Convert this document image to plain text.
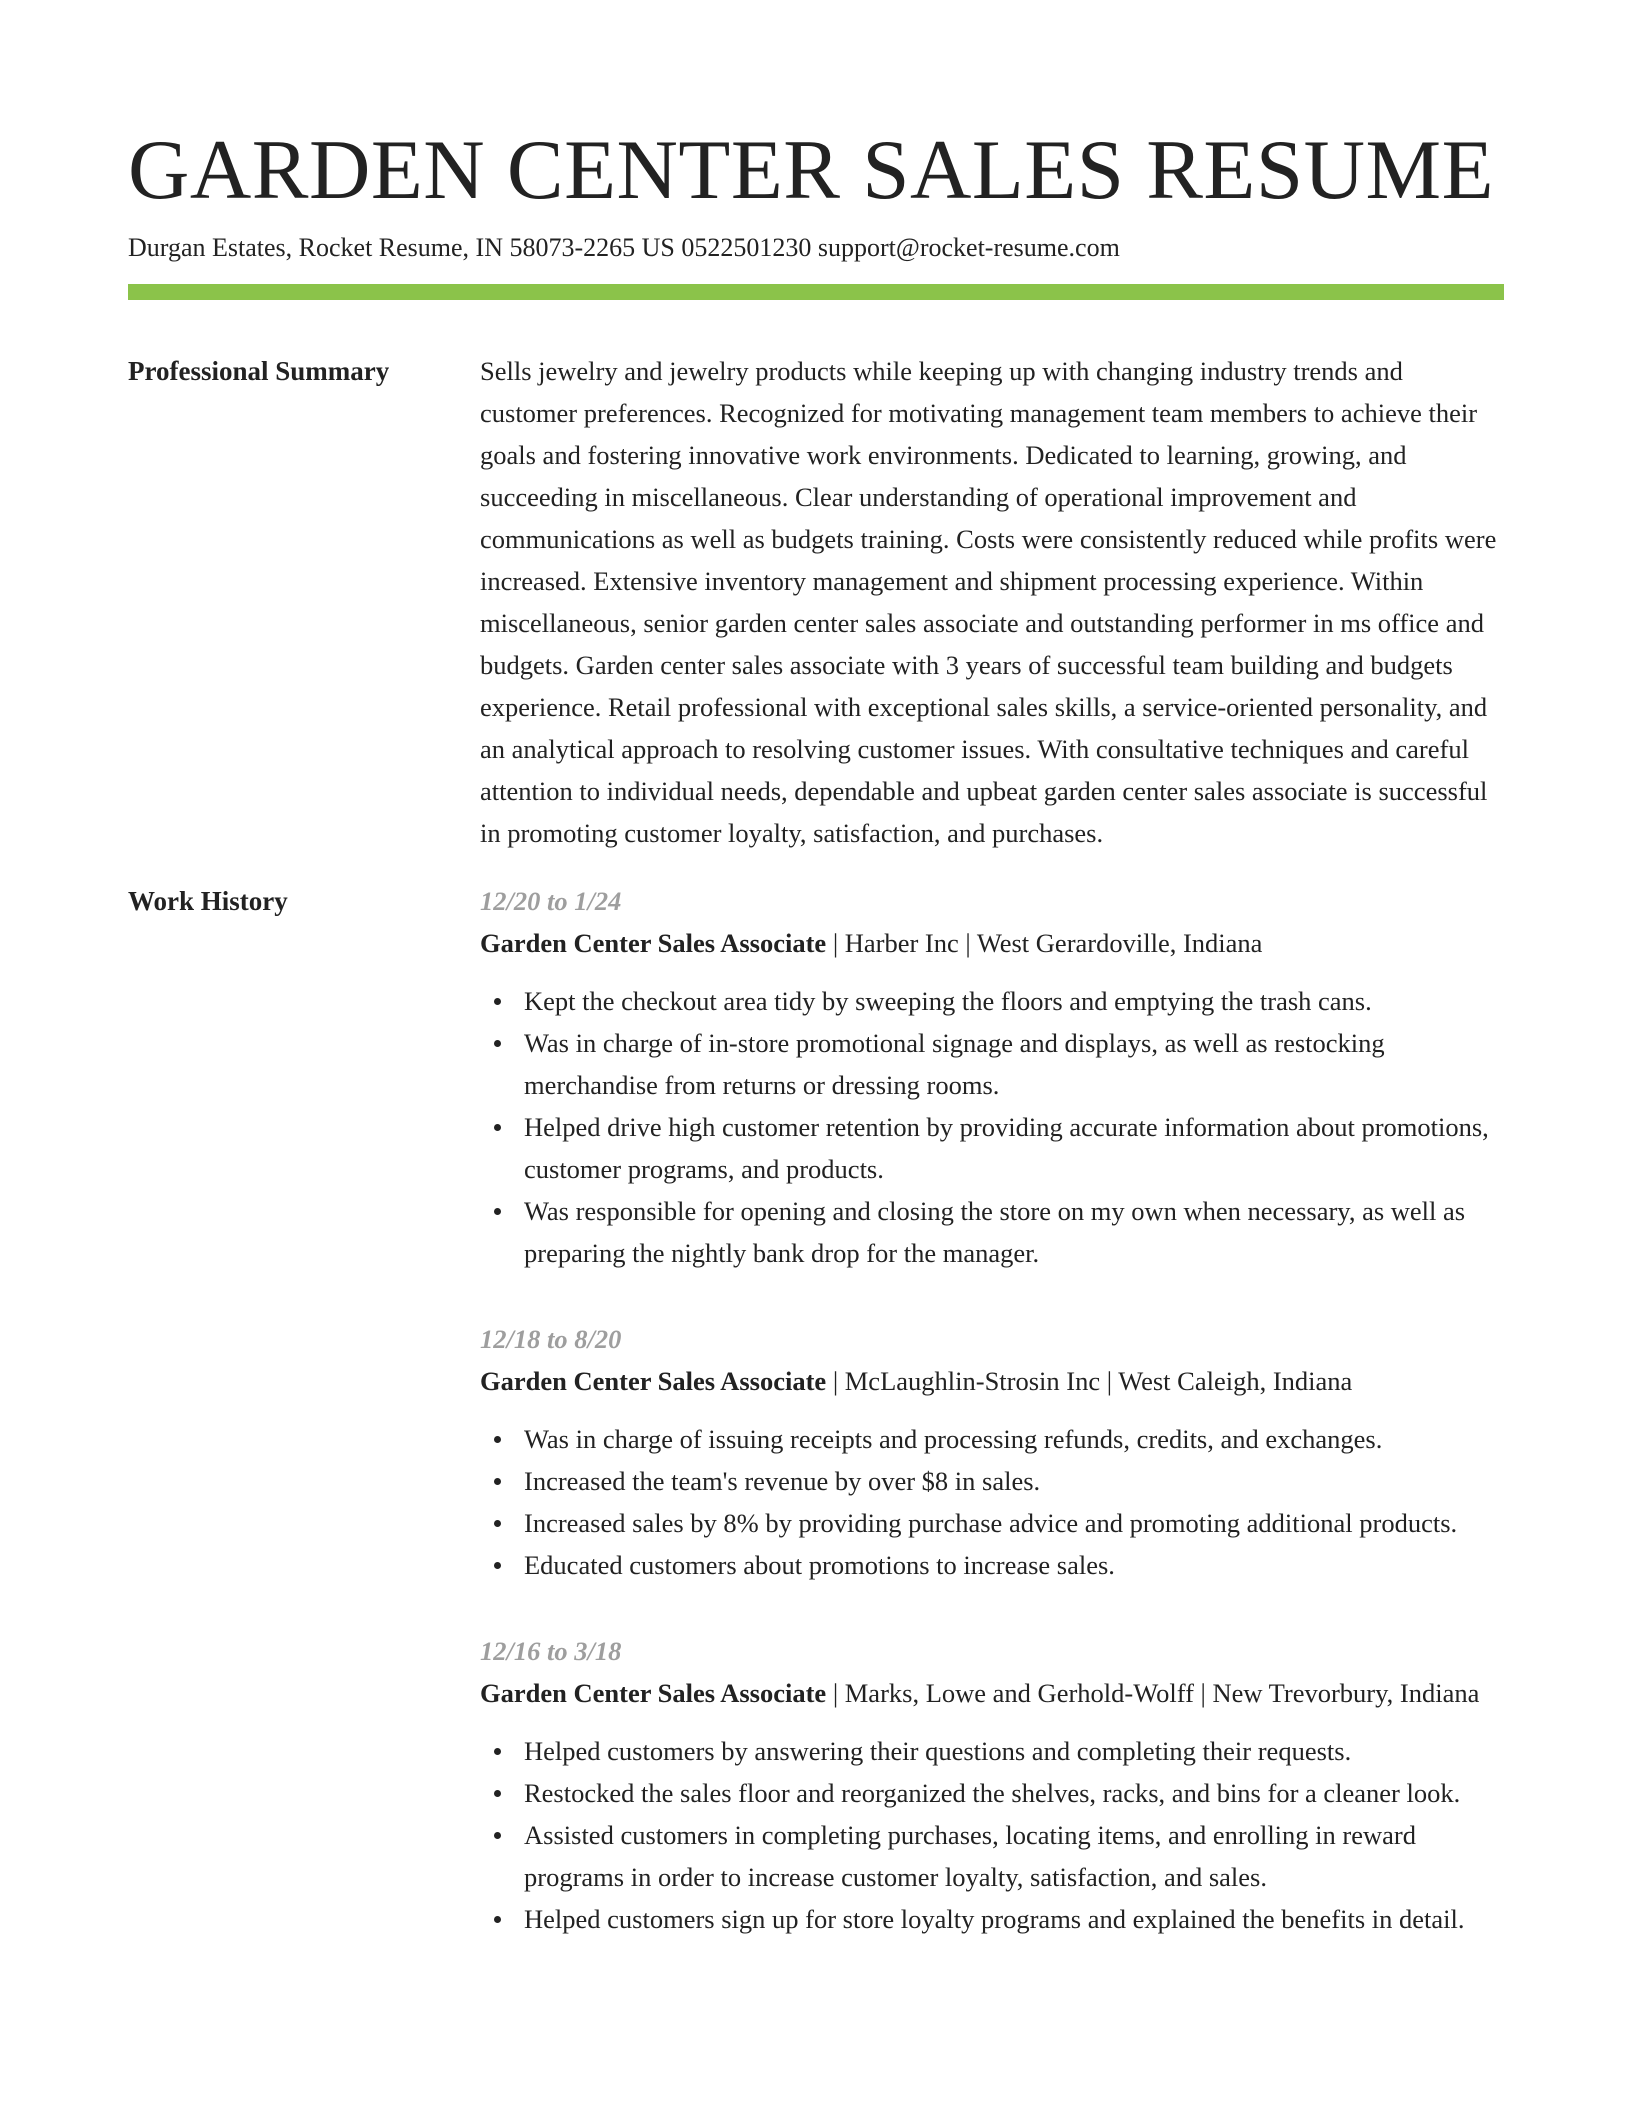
GARDEN CENTER SALES RESUME
Durgan Estates, Rocket Resume, IN 58073-2265 US 0522501230 support@rocket-resume.com
Professional Summary	Sells jewelry and jewelry products while keeping up with changing industry trends and customer preferences. Recognized for motivating management team members to achieve their goals and fostering innovative work environments. Dedicated to learning, growing, and succeeding in miscellaneous. Clear understanding of operational improvement and communications as well as budgets training. Costs were consistently reduced while profits were increased. Extensive inventory management and shipment processing experience. Within miscellaneous, senior garden center sales associate and outstanding performer in ms office and budgets. Garden center sales associate with 3 years of successful team building and budgets experience. Retail professional with exceptional sales skills, a service-oriented personality, and an analytical approach to resolving customer issues. With consultative techniques and careful attention to individual needs, dependable and upbeat garden center sales associate is successful in promoting customer loyalty, satisfaction, and purchases.

Work History	12/20 to 1/24
Garden Center Sales Associate | Harber Inc | West Gerardoville, Indiana
Kept the checkout area tidy by sweeping the floors and emptying the trash cans.
Was in charge of in-store promotional signage and displays, as well as restocking merchandise from returns or dressing rooms.
Helped drive high customer retention by providing accurate information about promotions, customer programs, and products.
Was responsible for opening and closing the store on my own when necessary, as well as preparing the nightly bank drop for the manager.
12/18 to 8/20
Garden Center Sales Associate | McLaughlin-Strosin Inc | West Caleigh, Indiana
Was in charge of issuing receipts and processing refunds, credits, and exchanges.
Increased the team's revenue by over $8 in sales.
Increased sales by 8% by providing purchase advice and promoting additional products.
Educated customers about promotions to increase sales.
12/16 to 3/18
Garden Center Sales Associate | Marks, Lowe and Gerhold-Wolff | New Trevorbury, Indiana
Helped customers by answering their questions and completing their requests.
Restocked the sales floor and reorganized the shelves, racks, and bins for a cleaner look.
Assisted customers in completing purchases, locating items, and enrolling in reward programs in order to increase customer loyalty, satisfaction, and sales.
Helped customers sign up for store loyalty programs and explained the benefits in detail.
